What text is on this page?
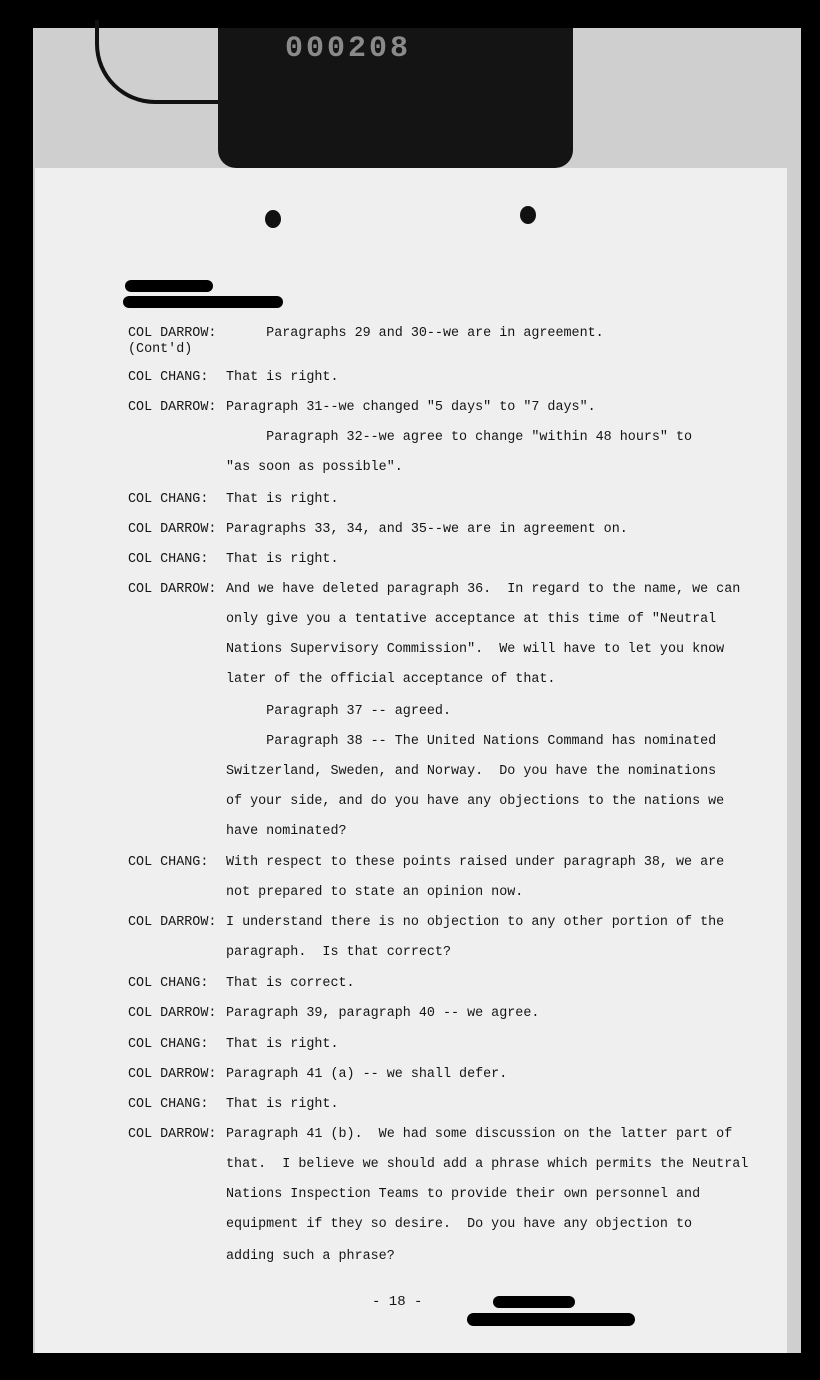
000208
COL DARROW:
(Cont'd)
Paragraphs 29 and 30--we are in agreement.
COL CHANG: That is right.
COL DARROW: Paragraph 31--we changed "5 days" to "7 days".
Paragraph 32--we agree to change "within 48 hours" to
"as soon as possible".
COL CHANG: That is right.
COL DARROW: Paragraphs 33, 34, and 35--we are in agreement on.
COL CHANG: That is right.
COL DARROW: And we have deleted paragraph 36.  In regard to the name, we can
only give you a tentative acceptance at this time of "Neutral
Nations Supervisory Commission".  We will have to let you know
later of the official acceptance of that.
Paragraph 37 -- agreed.
Paragraph 38 -- The United Nations Command has nominated
Switzerland, Sweden, and Norway.  Do you have the nominations
of your side, and do you have any objections to the nations we
have nominated?
COL CHANG: With respect to these points raised under paragraph 38, we are
not prepared to state an opinion now.
COL DARROW: I understand there is no objection to any other portion of the
paragraph.  Is that correct?
COL CHANG: That is correct.
COL DARROW: Paragraph 39, paragraph 40 -- we agree.
COL CHANG: That is right.
COL DARROW: Paragraph 41 (a) -- we shall defer.
COL CHANG: That is right.
COL DARROW: Paragraph 41 (b).  We had some discussion on the latter part of
that.  I believe we should add a phrase which permits the Neutral
Nations Inspection Teams to provide their own personnel and
equipment if they so desire.  Do you have any objection to
adding such a phrase?
- 18 -
